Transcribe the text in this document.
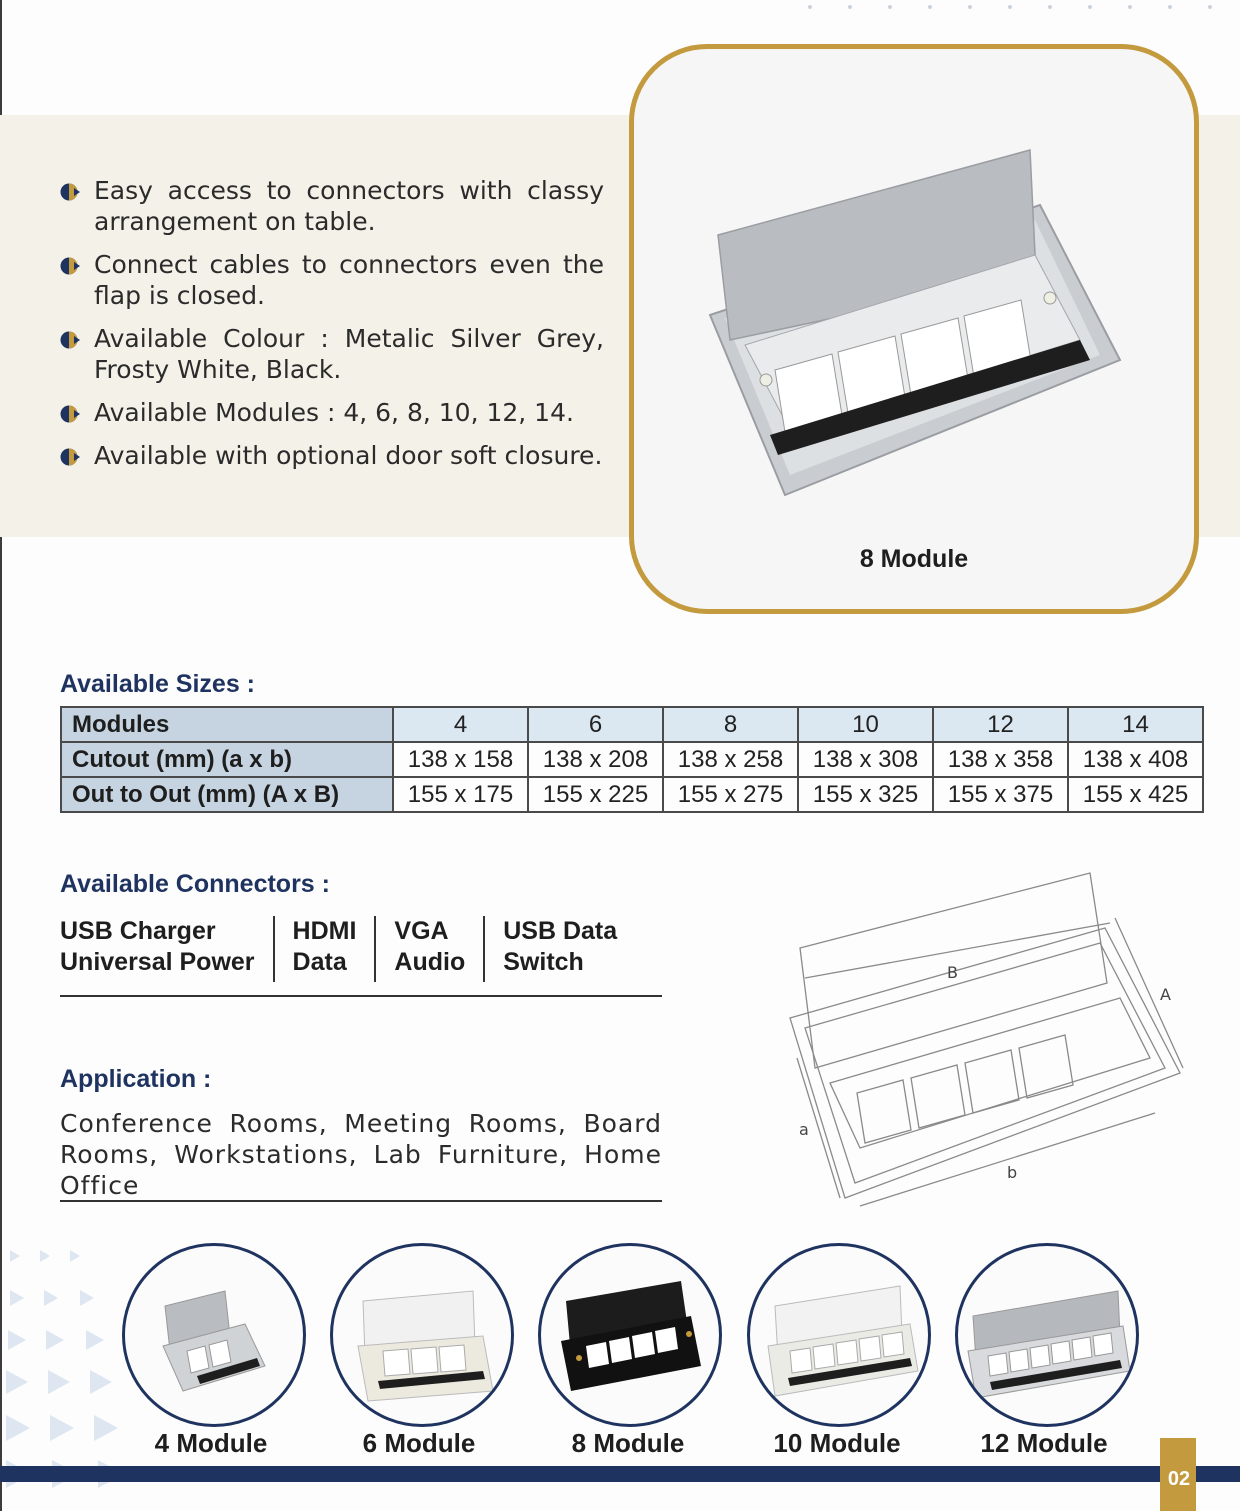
Easy access to connectors with classy arrangement on table.
Connect cables to connectors even the flap is closed.
Available Colour : Metalic Silver Grey, Frosty White, Black.
Available Modules : 4, 6, 8, 10, 12, 14.
Available with optional door soft closure.
8 Module
Available Sizes :
Modules	4	6	8	10	12	14
Cutout (mm) (a x b)	138 x 158	138 x 208	138 x 258	138 x 308	138 x 358	138 x 408
Out to Out (mm) (A x B)	155 x 175	155 x 225	155 x 275	155 x 325	155 x 375	155 x 425
Available Connectors :
USB Charger
Universal Power
HDMI
Data
VGA
Audio
USB Data
Switch
Application :
Conference Rooms, Meeting Rooms, Board Rooms, Workstations, Lab Furniture, Home Office
B
A
a
b
4 Module	6 Module	8 Module	10 Module	12 Module
02
